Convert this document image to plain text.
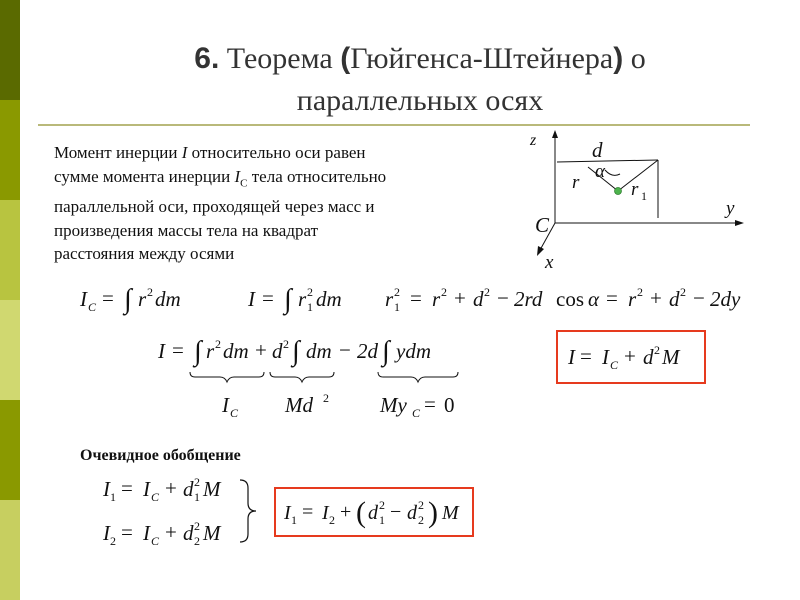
6. Теорема (Гюйгенса-Штейнера) о
параллельных осях
Момент инерции I относительно оси равен
сумме момента инерции $I_C$ тела относительно
параллельной оси, проходящей через масс и
произведения массы тела на квадрат
расстояния между осями
z
y
x
C
d
α
r	r 1
I C = ∫ r 2 dm	I = ∫ r 2
1 dm r 2
1 = r 2 + d 2 − 2rd cos α = r 2 + d 2 − 2dy
I = ∫ r 2 dm + d 2 ∫ dm − 2d ∫ ydm
I C Md 2 My C = 0
I = I C + d 2 M
Очевидное обобщение
I 1 = I C + d 2
1 M
I 2 = I C + d 2
2 M
I 1 = I 2 + ( d 2
1 − d 2
2 ) M
